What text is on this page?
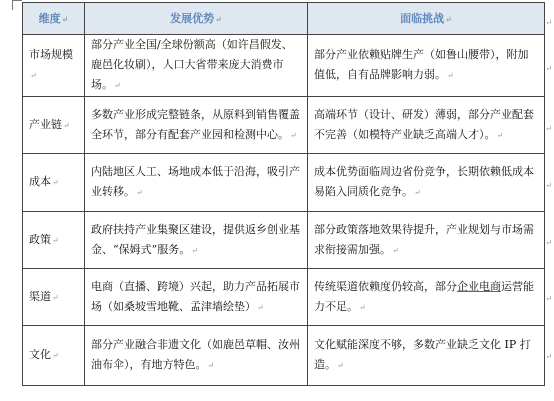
维度↵	发展优势↵	面临挑战↵
市场规模↵	部分产业全国/全球份额高（如许昌假发、鹿邑化妆刷），人口大省带来庞大消费市场。↵	部分产业依赖贴牌生产（如鲁山腰带），附加值低，自有品牌影响力弱。↵
产业链↵	多数产业形成完整链条，从原料到销售覆盖全环节，部分有配套产业园和检测中心。↵	高端环节（设计、研发）薄弱，部分产业配套不完善（如模特产业缺乏高端人才）。↵
成本↵	内陆地区人工、场地成本低于沿海，吸引产业转移。↵	成本优势面临周边省份竞争，长期依赖低成本易陷入同质化竞争。↵
政策↵	政府扶持产业集聚区建设，提供返乡创业基金、“保姆式”服务。↵	部分政策落地效果待提升，产业规划与市场需求衔接需加强。↵
渠道↵	电商（直播、跨境）兴起，助力产品拓展市场（如桑坡雪地靴、孟津墙绘垫）↵	传统渠道依赖度仍较高，部分企业电商运营能力不足。↵
文化↵	部分产业融合非遗文化（如鹿邑草帽、汝州油布伞），有地方特色。↵	文化赋能深度不够，多数产业缺乏文化 IP 打造。↵
↵
↵
↵
↵
↵
↵
↵
